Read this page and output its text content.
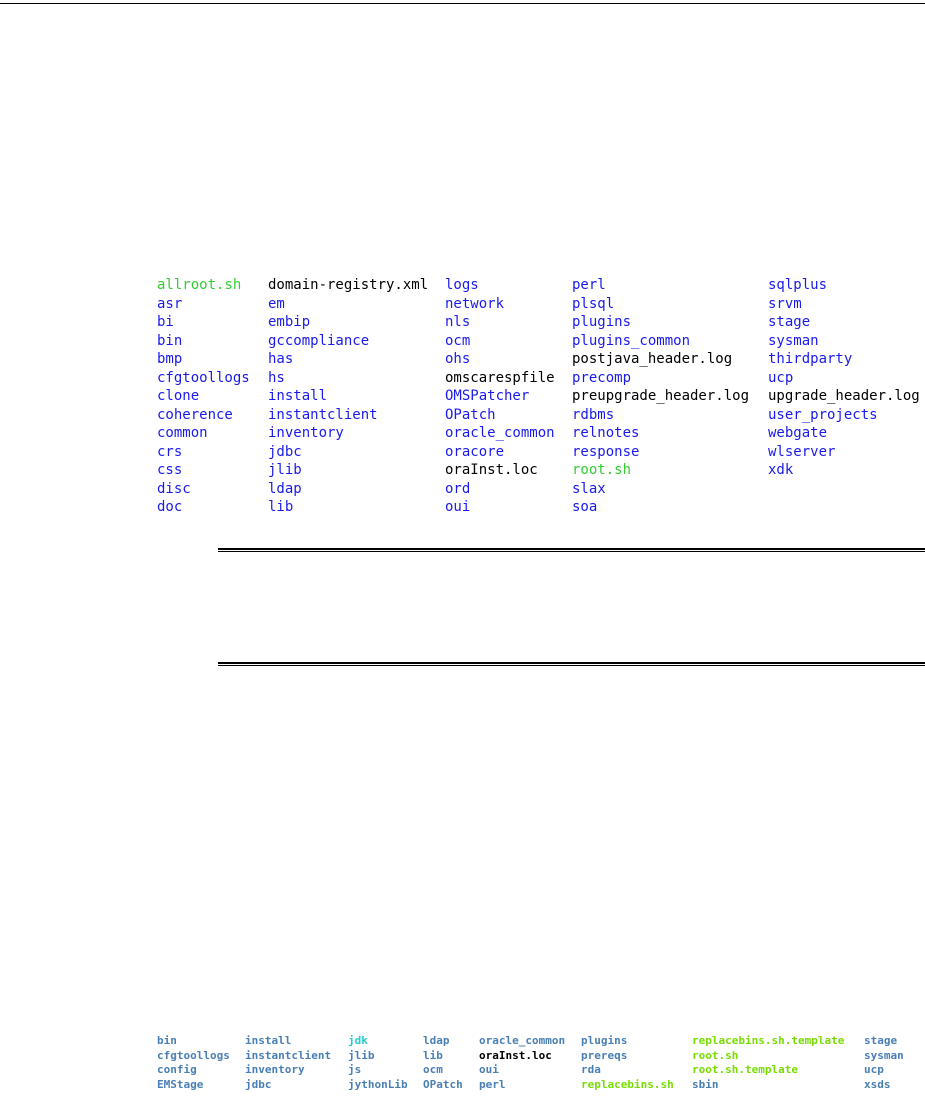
allroot.sh
asr
bi
bin
bmp
cfgtoollogs
clone
coherence
common
crs
css
disc
doc
domain-registry.xml
em
embip
gccompliance
has
hs
install
instantclient
inventory
jdbc
jlib
ldap
lib
logs
network
nls
ocm
ohs
omscarespfile
OMSPatcher
OPatch
oracle_common
oracore
oraInst.loc
ord
oui
perl
plsql
plugins
plugins_common
postjava_header.log
precomp
preupgrade_header.log
rdbms
relnotes
response
root.sh
slax
soa
sqlplus
srvm
stage
sysman
thirdparty
ucp
upgrade_header.log
user_projects
webgate
wlserver
xdk
bin
cfgtoollogs
config
EMStage
install
instantclient
inventory
jdbc
jdk
jlib
js
jythonLib
ldap
lib
ocm
OPatch
oracle_common
oraInst.loc
oui
perl
plugins
prereqs
rda
replacebins.sh
replacebins.sh.template
root.sh
root.sh.template
sbin
stage
sysman
ucp
xsds
